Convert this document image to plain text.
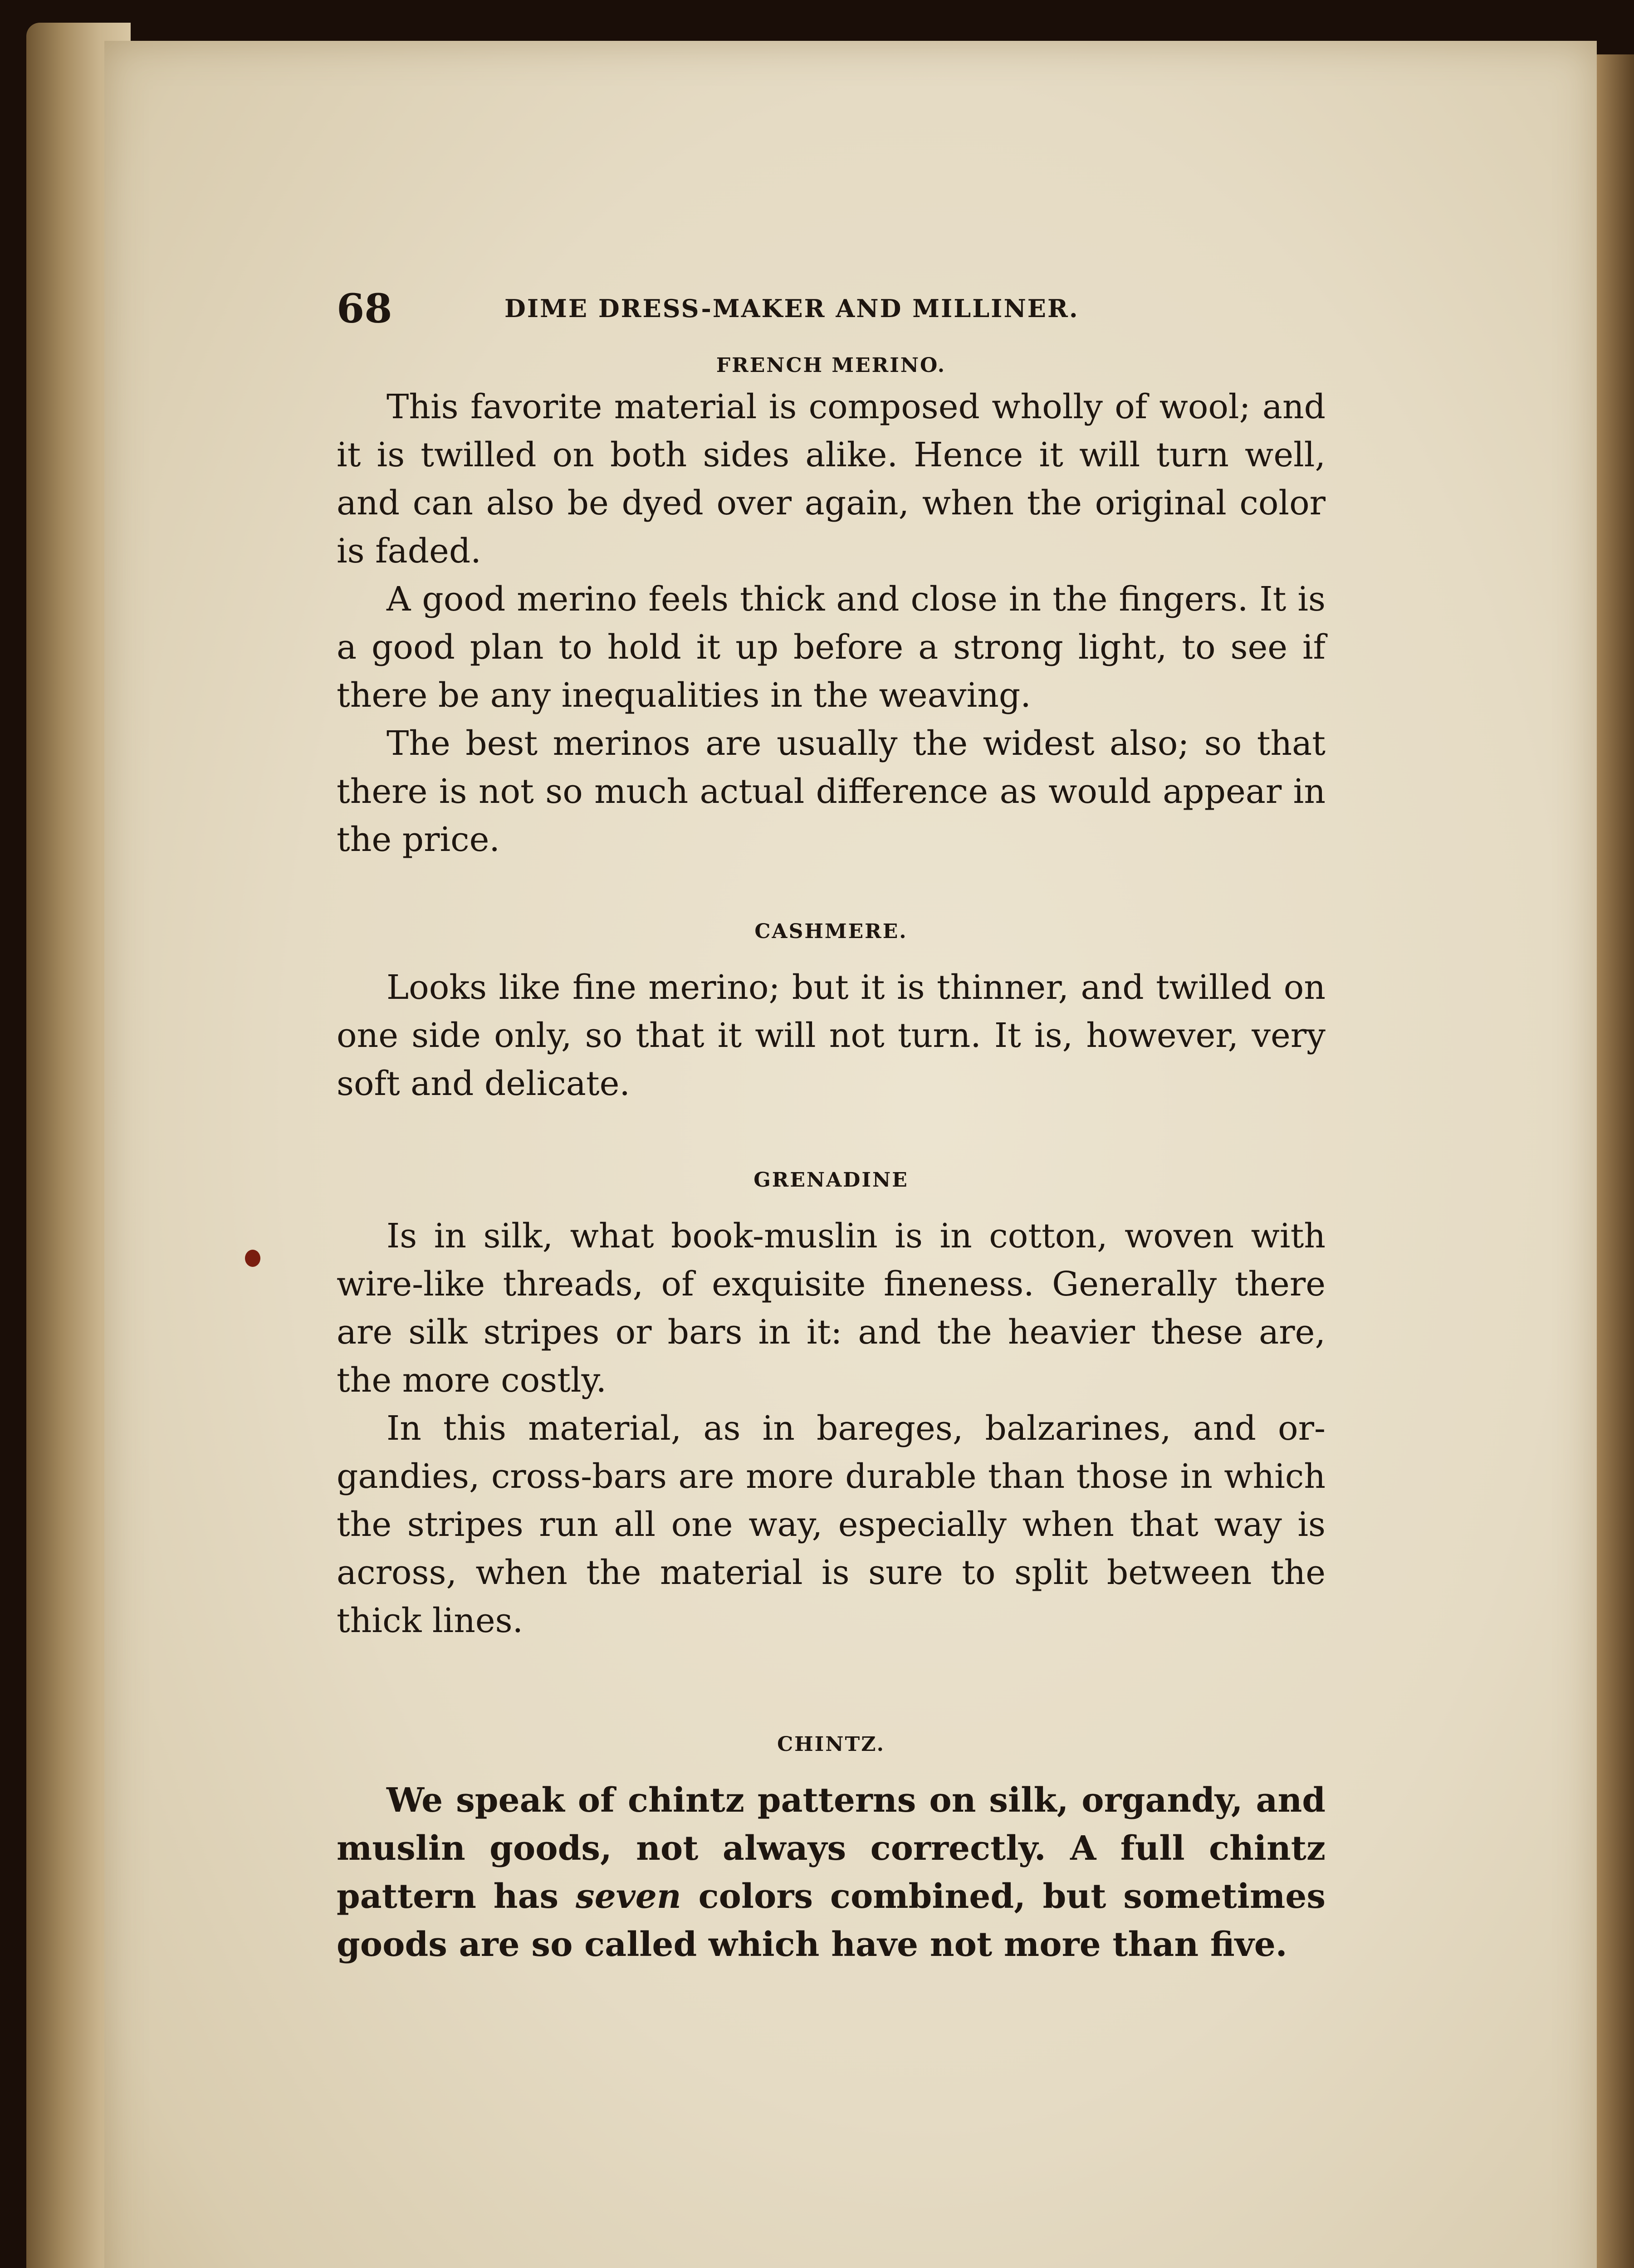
68	DIME DRESS-MAKER AND MILLINER.

FRENCH MERINO.

This favorite material is composed wholly of wool; and it is twilled on both sides alike. Hence it will turn well, and can also be dyed over again, when the original color is faded.

A good merino feels thick and close in the fingers. It is a good plan to hold it up before a strong light, to see if there be any inequalities in the weaving.

The best merinos are usually the widest also; so that there is not so much actual difference as would appear in the price.

CASHMERE.

Looks like fine merino; but it is thinner, and twilled on one side only, so that it will not turn. It is, however, very soft and delicate.

GRENADINE

Is in silk, what book-muslin is in cotton, woven with wire-like threads, of exquisite fineness. Generally there are silk stripes or bars in it: and the heavier these are, the more costly.

In this material, as in bareges, balzarines, and organdies, cross-bars are more durable than those in which the stripes run all one way, especially when that way is across, when the material is sure to split between the thick lines.

CHINTZ.

We speak of chintz patterns on silk, organdy, and muslin goods, not always correctly. A full chintz pattern has seven colors combined, but sometimes goods are so called which have not more than five.
